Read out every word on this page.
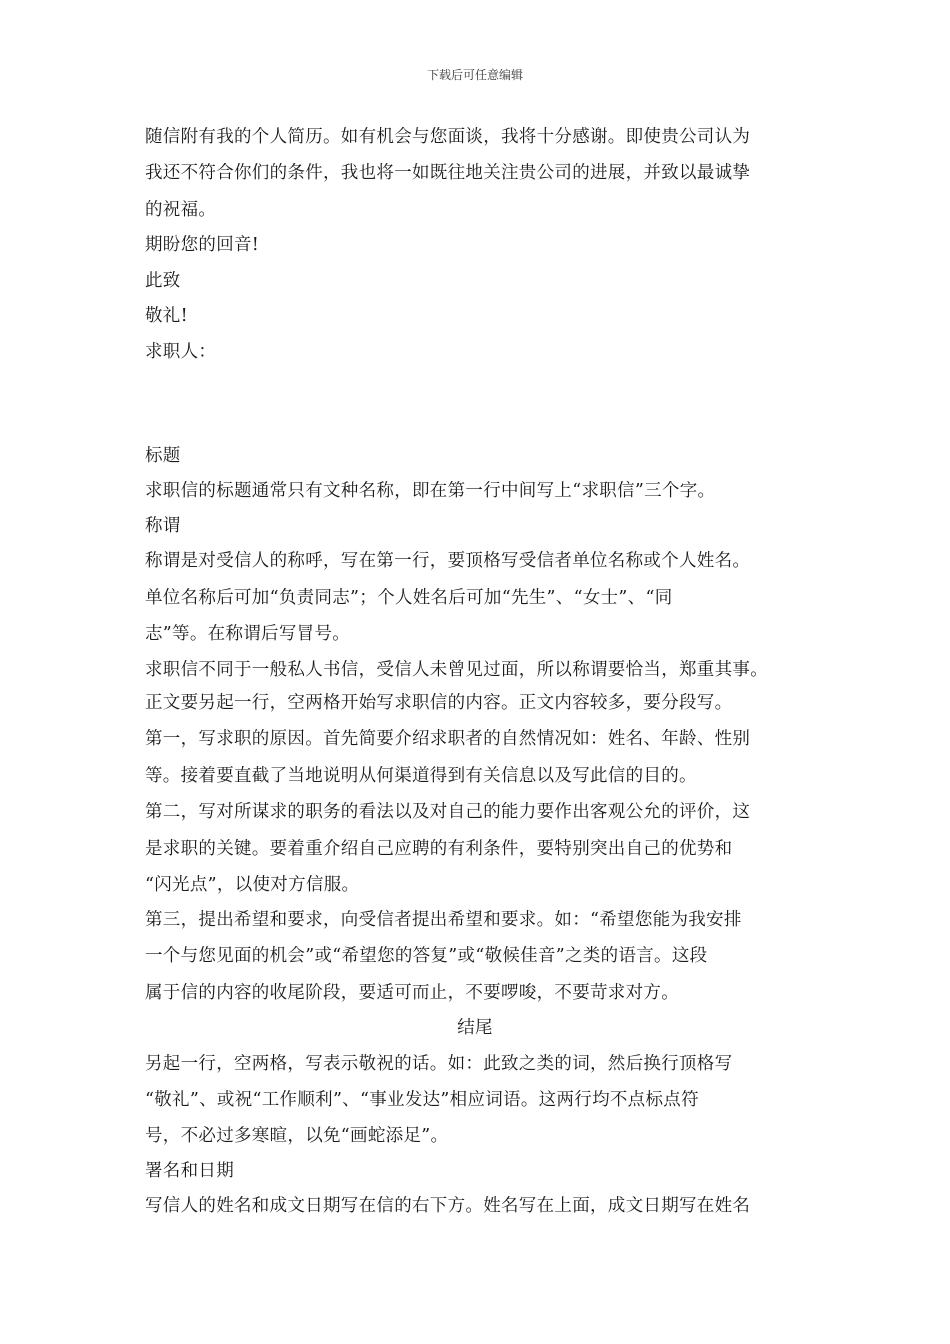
下载后可任意编辑
随信附有我的个人简历。如有机会与您面谈，我将十分感谢。即使贵公司认为
我还不符合你们的条件，我也将一如既往地关注贵公司的进展，并致以最诚挚
的祝福。
期盼您的回音!
此致
敬礼!
求职人：
标题
求职信的标题通常只有文种名称，即在第一行中间写上“求职信”三个字。
称谓
称谓是对受信人的称呼，写在第一行，要顶格写受信者单位名称或个人姓名。
单位名称后可加“负责同志”；个人姓名后可加“先生”、“女士”、“同
志”等。在称谓后写冒号。
求职信不同于一般私人书信，受信人未曾见过面，所以称谓要恰当，郑重其事。
正文要另起一行，空两格开始写求职信的内容。正文内容较多，要分段写。
第一，写求职的原因。首先简要介绍求职者的自然情况如：姓名、年龄、性别
等。接着要直截了当地说明从何渠道得到有关信息以及写此信的目的。
第二，写对所谋求的职务的看法以及对自己的能力要作出客观公允的评价，这
是求职的关键。要着重介绍自己应聘的有利条件，要特别突出自己的优势和
“闪光点”，以使对方信服。
第三，提出希望和要求，向受信者提出希望和要求。如：“希望您能为我安排
一个与您见面的机会”或“希望您的答复”或“敬候佳音”之类的语言。这段
属于信的内容的收尾阶段，要适可而止，不要啰唆，不要苛求对方。
结尾
另起一行，空两格，写表示敬祝的话。如：此致之类的词，然后换行顶格写
“敬礼”、或祝“工作顺利”、“事业发达”相应词语。这两行均不点标点符
号，不必过多寒暄，以免“画蛇添足”。
署名和日期
写信人的姓名和成文日期写在信的右下方。姓名写在上面，成文日期写在姓名
